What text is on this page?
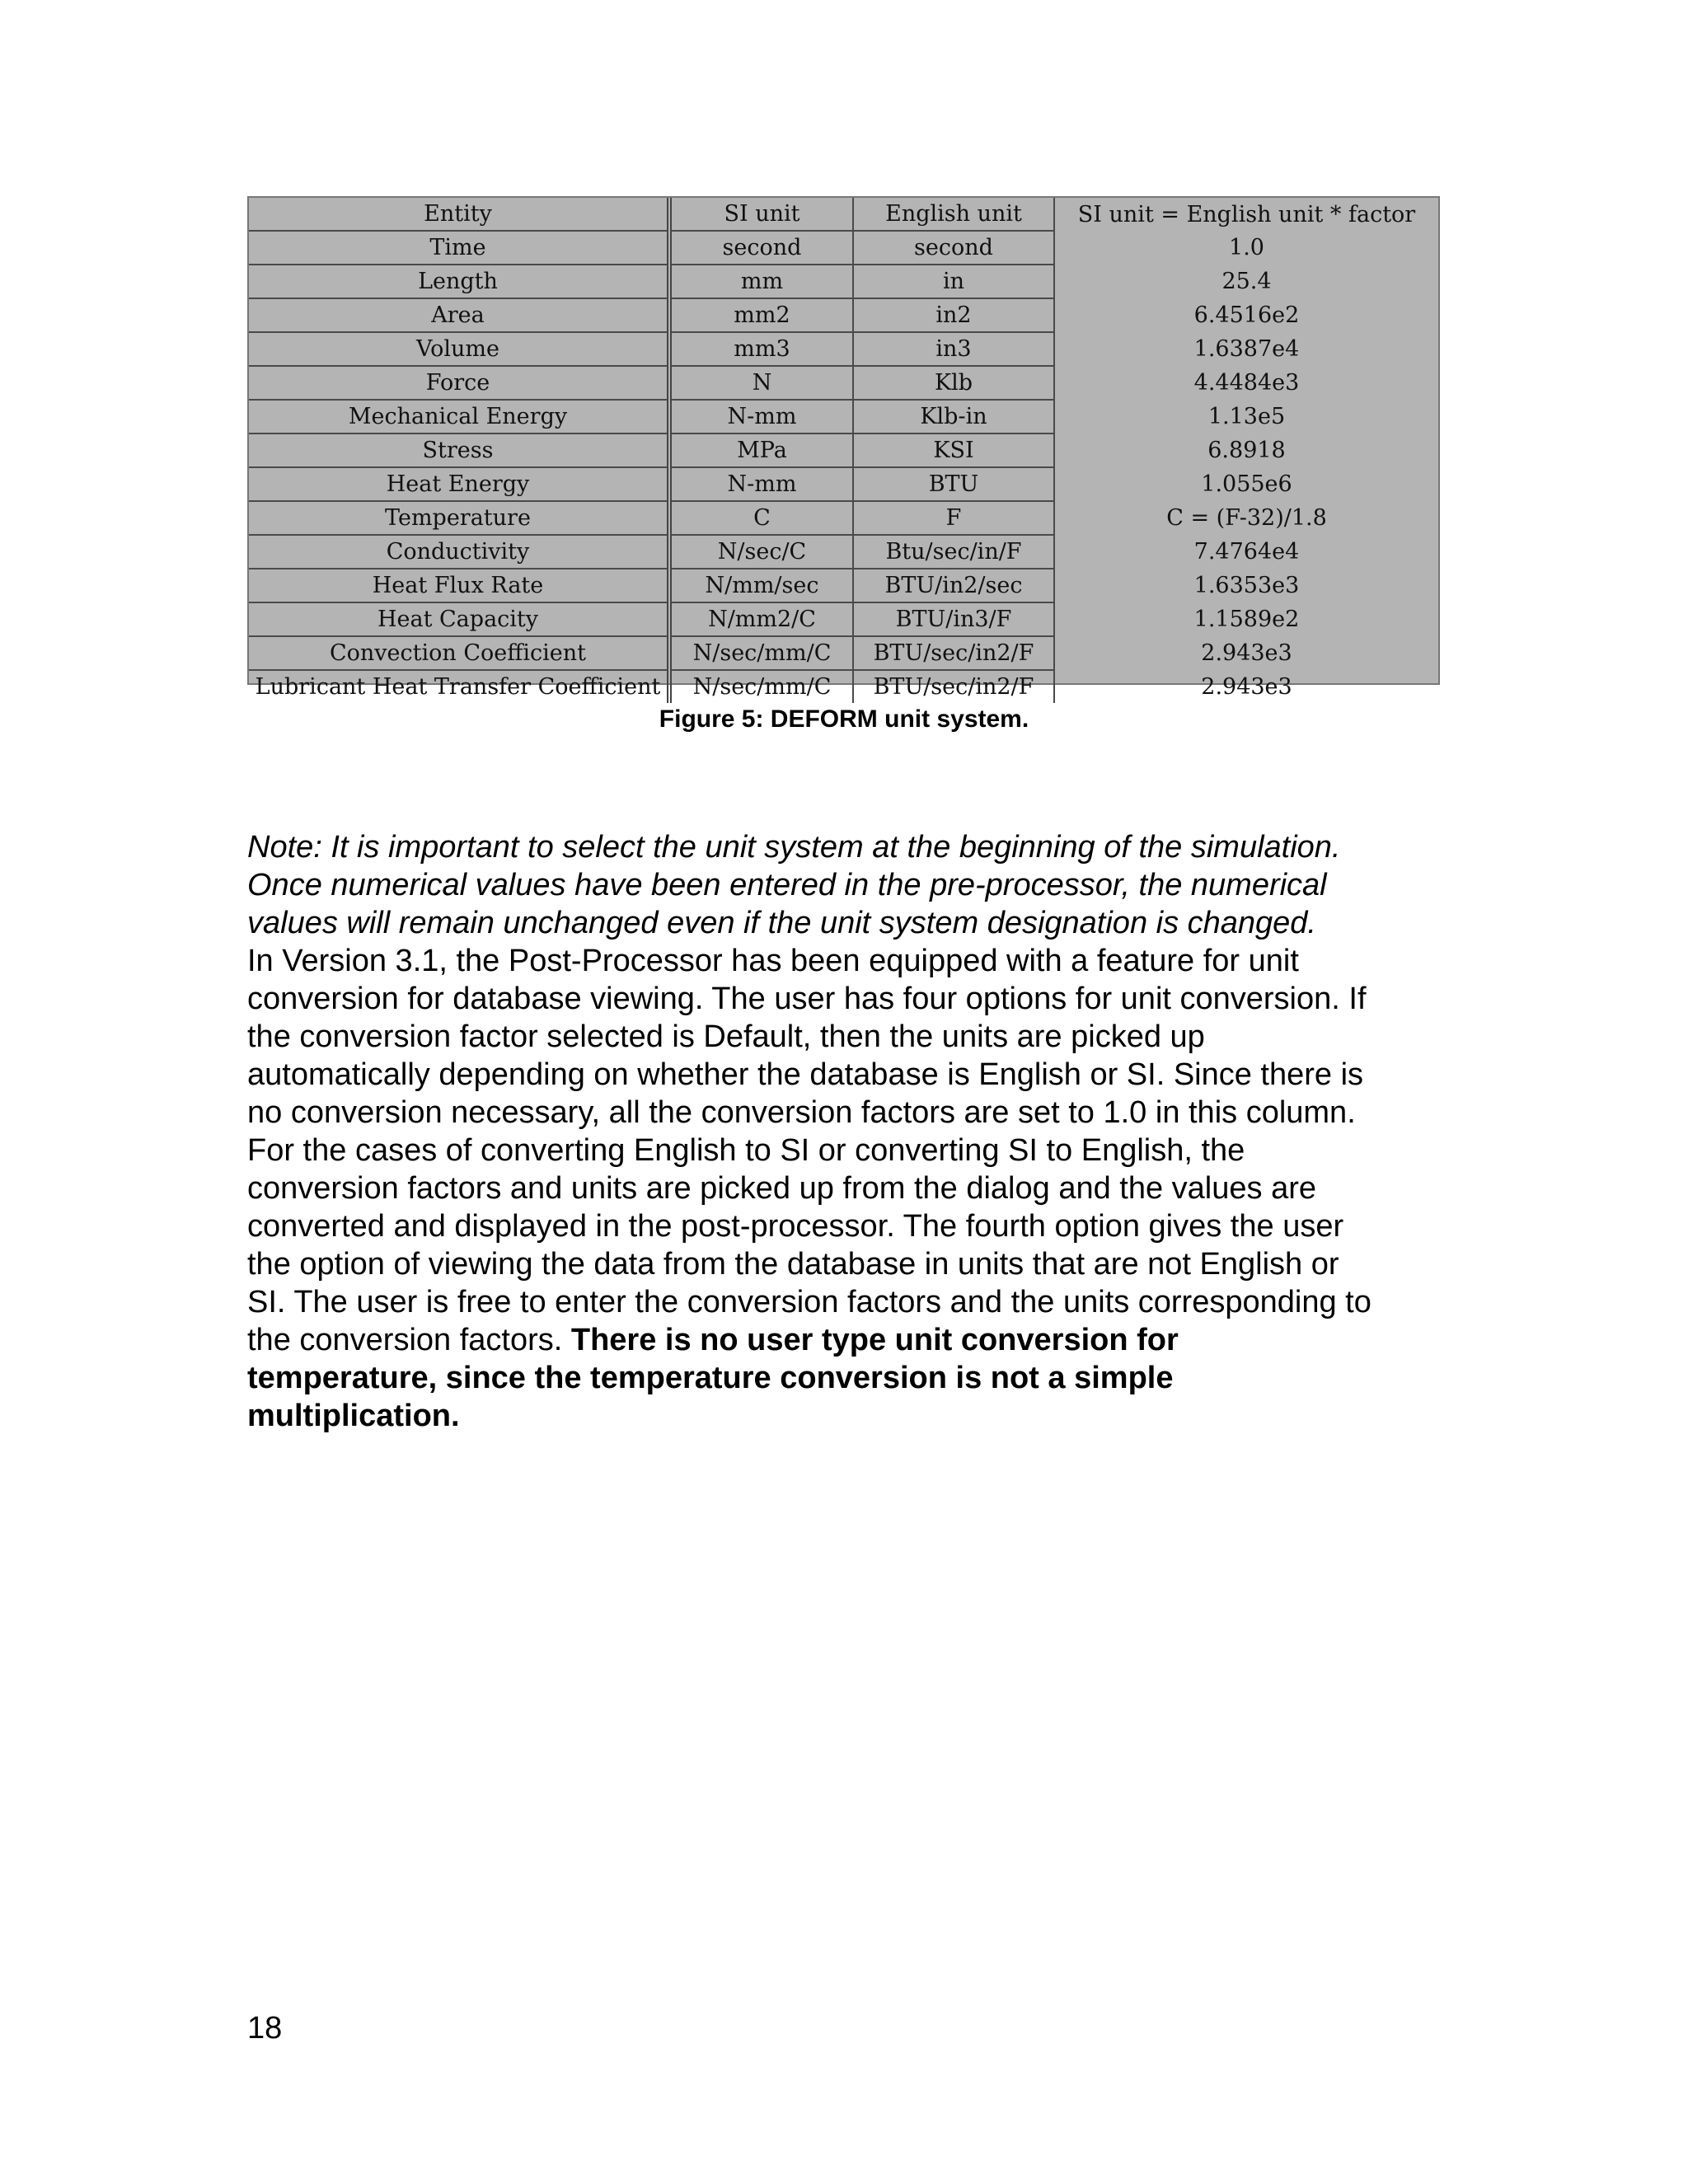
Entity	SI unit	English unit	SI unit = English unit * factor
Time	second	second	1.0
Length	mm	in	25.4
Area	mm2	in2	6.4516e2
Volume	mm3	in3	1.6387e4
Force	N	Klb	4.4484e3
Mechanical Energy	N-mm	Klb-in	1.13e5
Stress	MPa	KSI	6.8918
Heat Energy	N-mm	BTU	1.055e6
Temperature	C	F	C = (F-32)/1.8
Conductivity	N/sec/C	Btu/sec/in/F	7.4764e4
Heat Flux Rate	N/mm/sec	BTU/in2/sec	1.6353e3
Heat Capacity	N/mm2/C	BTU/in3/F	1.1589e2
Convection Coefficient	N/sec/mm/C	BTU/sec/in2/F	2.943e3
Lubricant Heat Transfer Coefficient	N/sec/mm/C	BTU/sec/in2/F	2.943e3
Figure 5: DEFORM unit system.
Note: It is important to select the unit system at the beginning of the simulation.
Once numerical values have been entered in the pre-processor, the numerical
values will remain unchanged even if the unit system designation is changed.
In Version 3.1, the Post-Processor has been equipped with a feature for unit
conversion for database viewing. The user has four options for unit conversion. If
the conversion factor selected is Default, then the units are picked up
automatically depending on whether the database is English or SI. Since there is
no conversion necessary, all the conversion factors are set to 1.0 in this column.
For the cases of converting English to SI or converting SI to English, the
conversion factors and units are picked up from the dialog and the values are
converted and displayed in the post-processor. The fourth option gives the user
the option of viewing the data from the database in units that are not English or
SI. The user is free to enter the conversion factors and the units corresponding to
the conversion factors. There is no user type unit conversion for
temperature, since the temperature conversion is not a simple
multiplication.
18
